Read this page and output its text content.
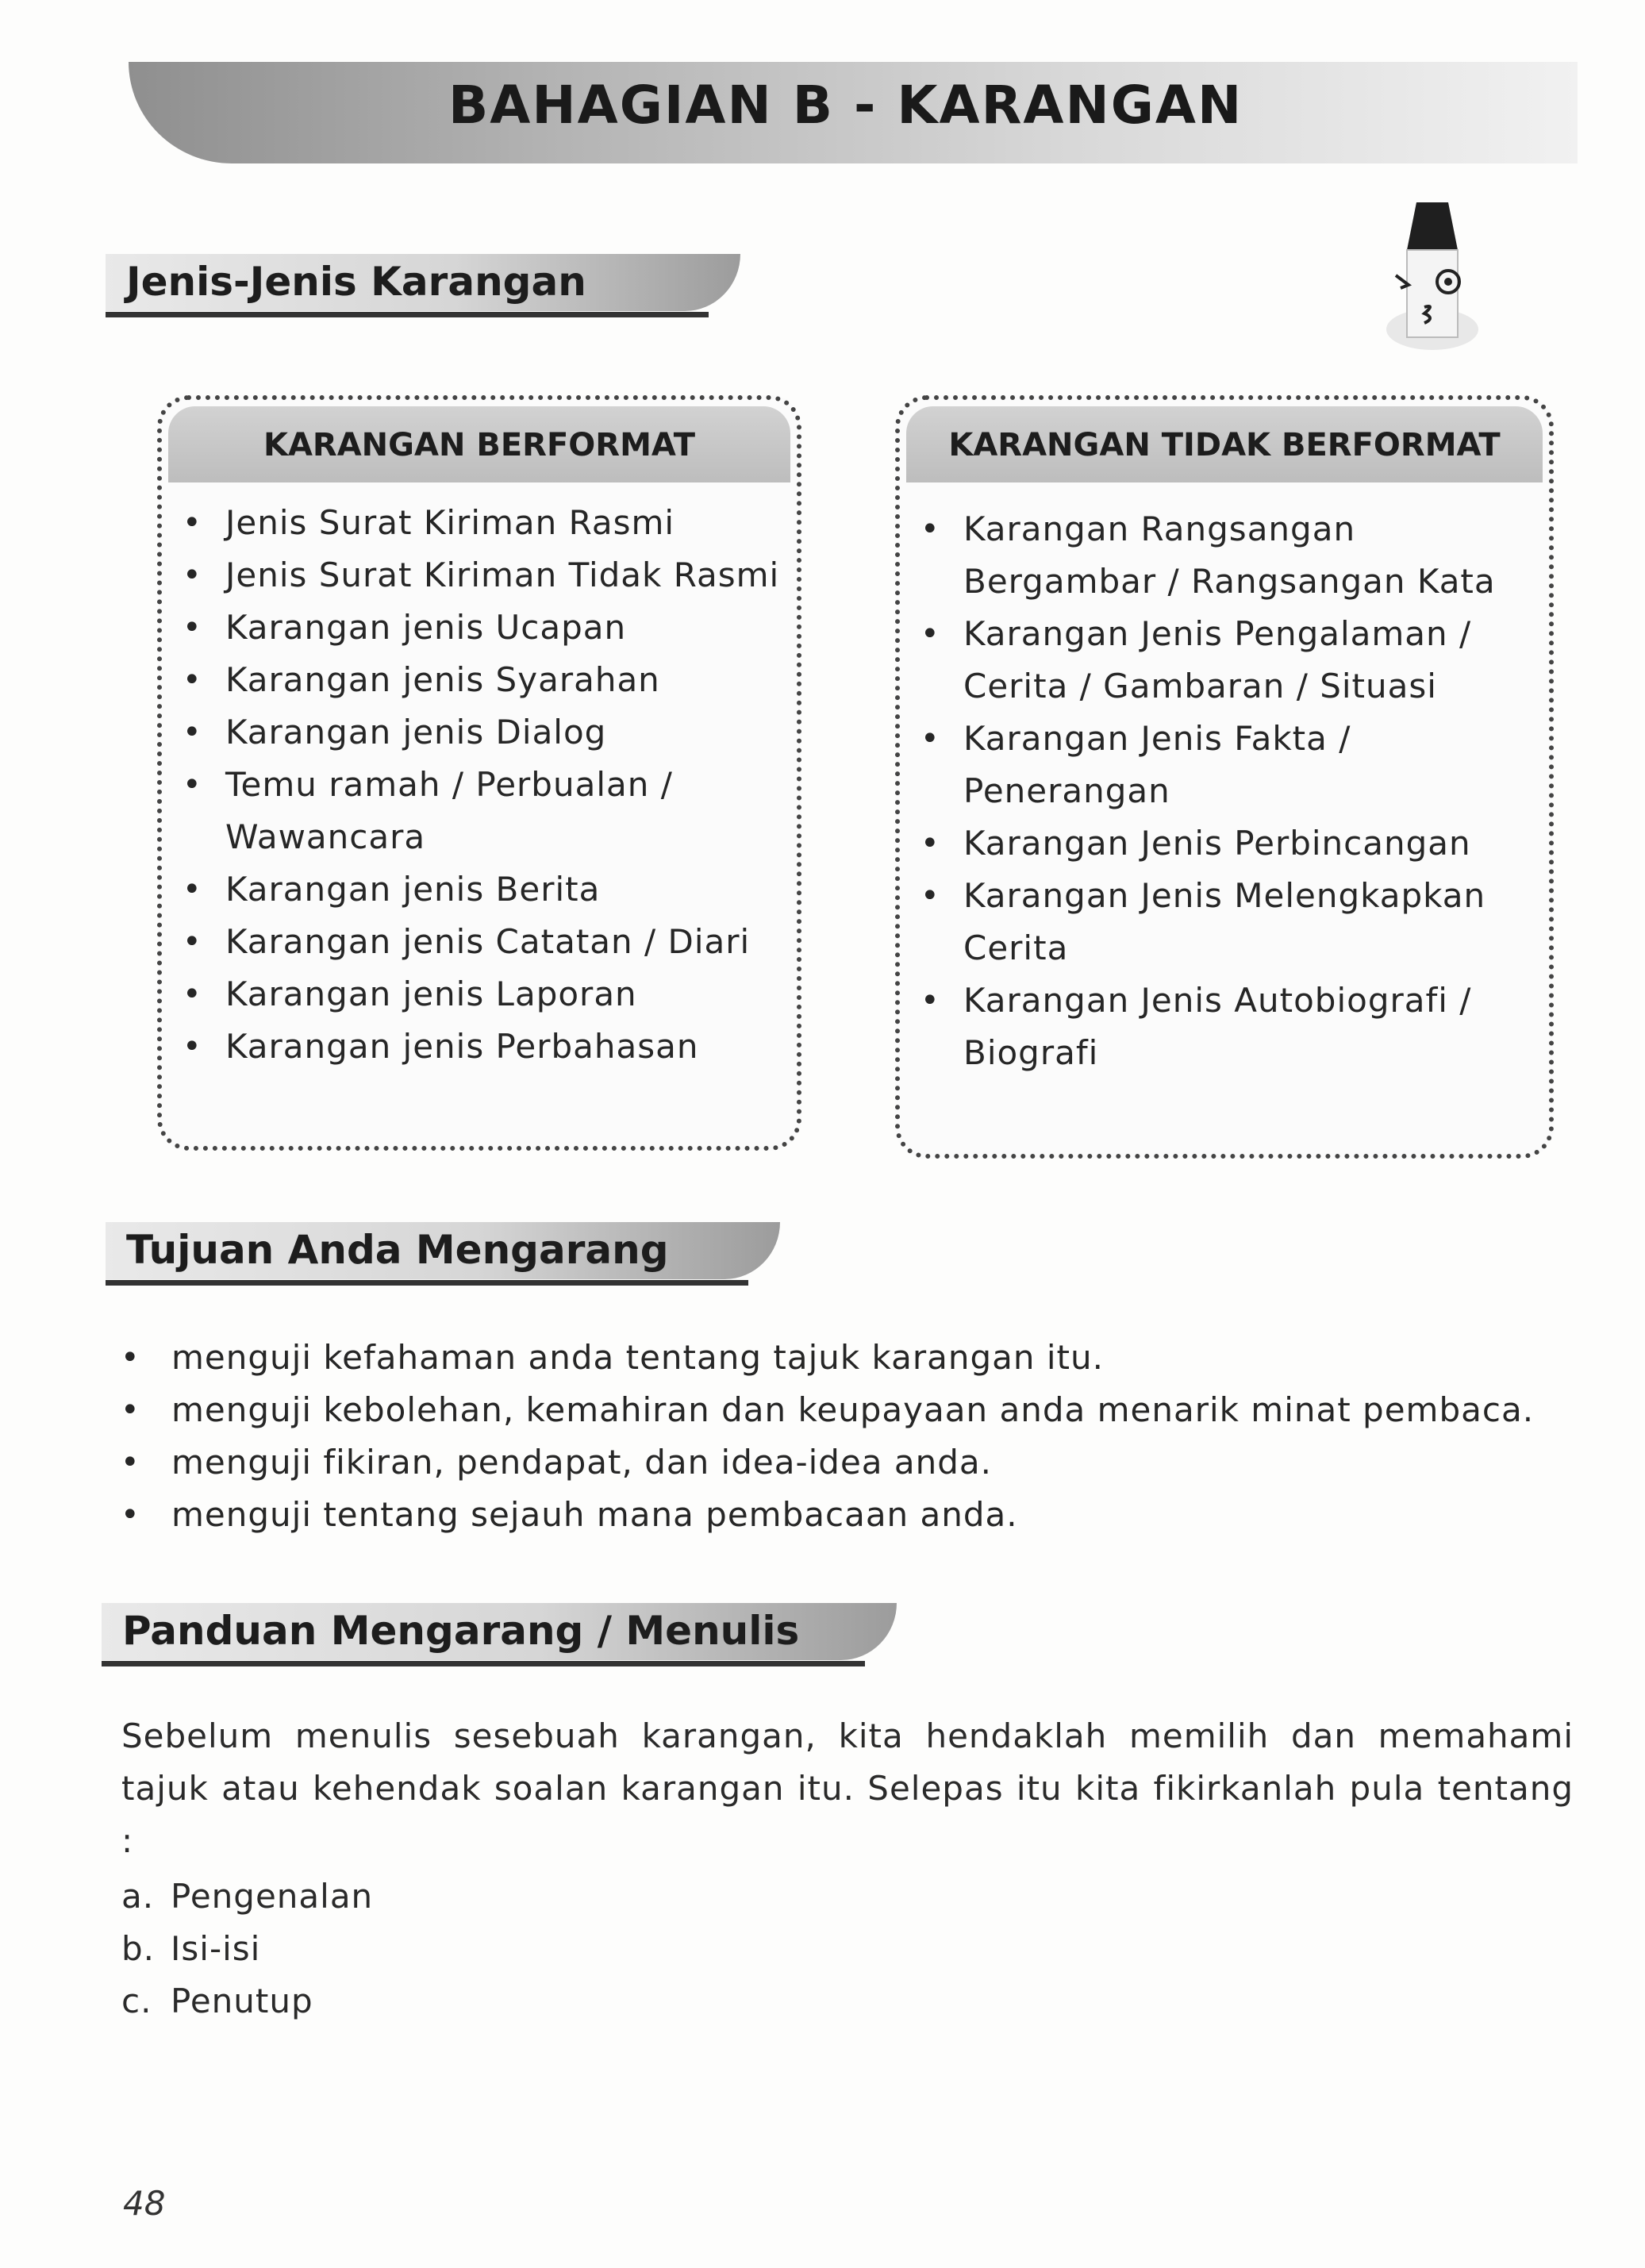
BAHAGIAN B - KARANGAN
Jenis-Jenis Karangan
KARANGAN BERFORMAT
• Jenis Surat Kiriman Rasmi
• Jenis Surat Kiriman Tidak Rasmi
• Karangan jenis Ucapan
• Karangan jenis Syarahan
• Karangan jenis Dialog
• Temu ramah / Perbualan /
Wawancara
• Karangan jenis Berita
• Karangan jenis Catatan / Diari
• Karangan jenis Laporan
• Karangan jenis Perbahasan
KARANGAN TIDAK BERFORMAT
• Karangan Rangsangan
Bergambar / Rangsangan Kata
• Karangan Jenis Pengalaman /
Cerita / Gambaran / Situasi
• Karangan Jenis Fakta /
Penerangan
• Karangan Jenis Perbincangan
• Karangan Jenis Melengkapkan
Cerita
• Karangan Jenis Autobiografi /
Biografi
Tujuan Anda Mengarang
• menguji kefahaman anda tentang tajuk karangan itu.
• menguji kebolehan, kemahiran dan keupayaan anda menarik minat pembaca.
• menguji fikiran, pendapat, dan idea-idea anda.
• menguji tentang sejauh mana pembacaan anda.
Panduan Mengarang / Menulis
Sebelum menulis sesebuah karangan, kita hendaklah memilih dan memahami tajuk atau kehendak soalan karangan itu. Selepas itu kita fikirkanlah pula tentang :
a. Pengenalan
b. Isi-isi
c. Penutup
48
